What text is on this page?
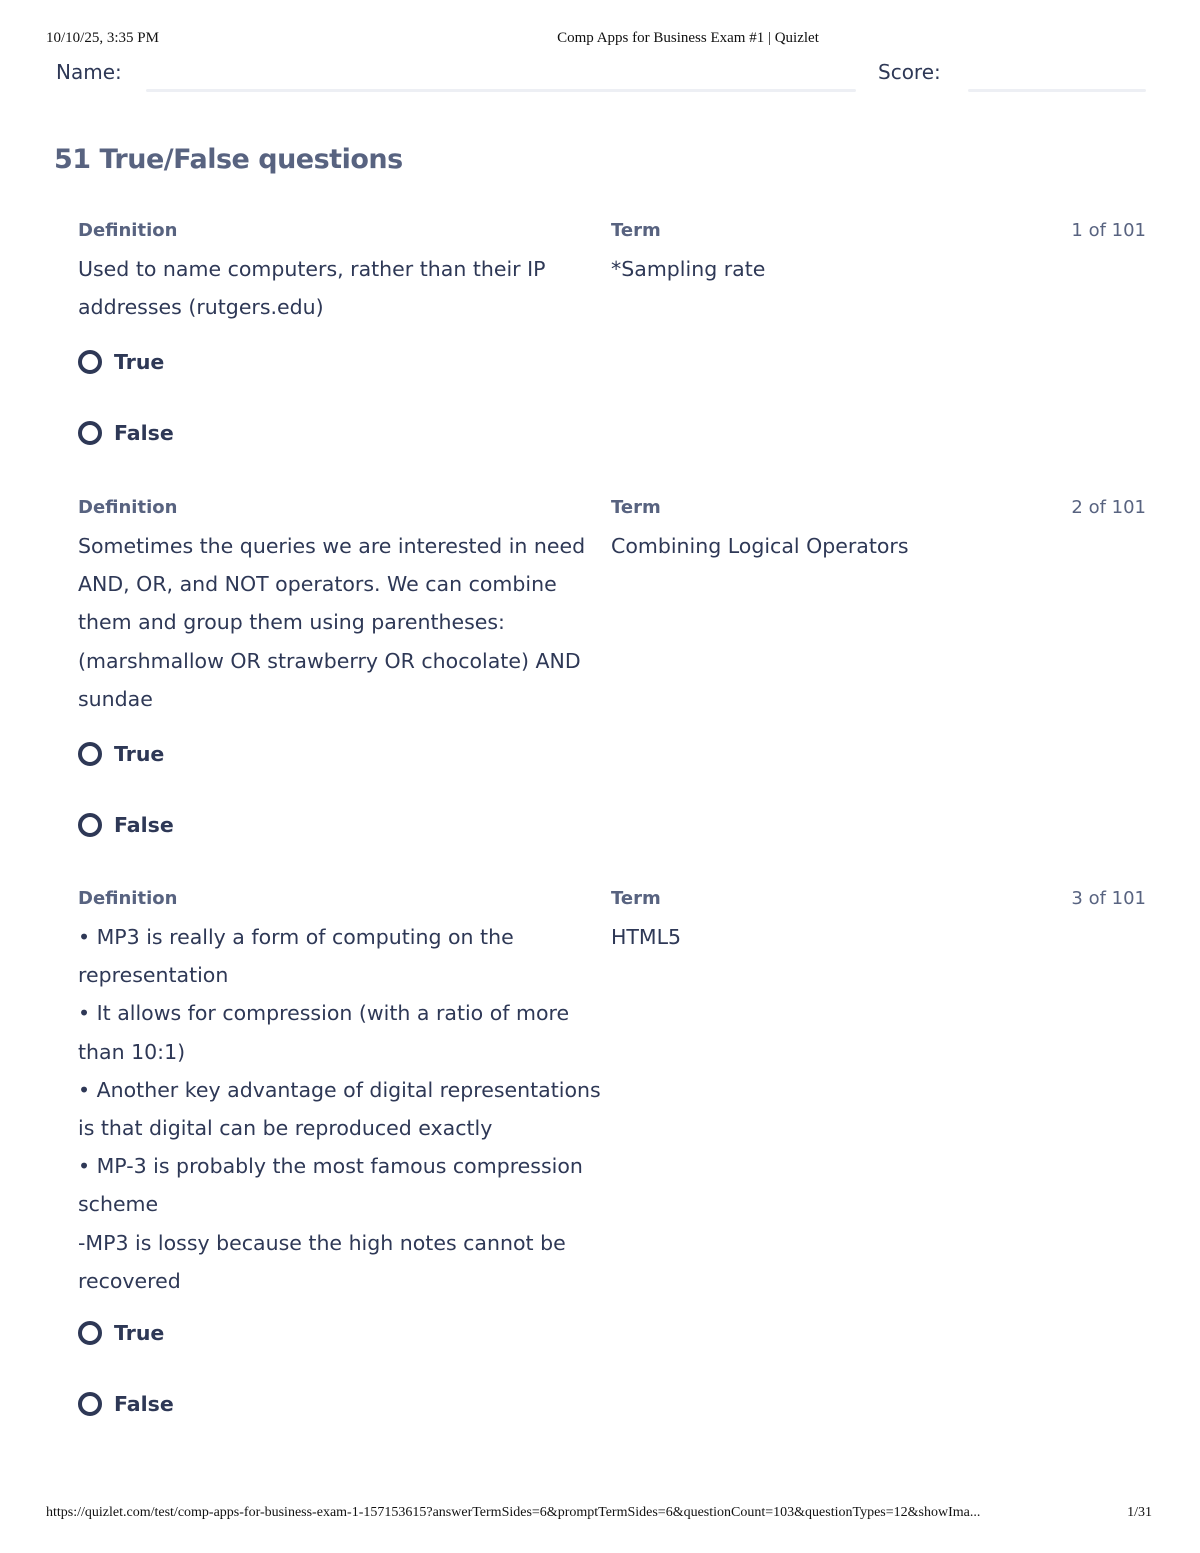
10/10/25, 3:35 PM	Comp Apps for Business Exam #1 | Quizlet
Name:	Score:
51 True/False questions
Definition	Term	1 of 101
Used to name computers, rather than their IP addresses (rutgers.edu)
*Sampling rate
True
False
Definition	Term	2 of 101
Sometimes the queries we are interested in need AND, OR, and NOT operators. We can combine them and group them using parentheses: (marshmallow OR strawberry OR chocolate) AND sundae
Combining Logical Operators
True
False
Definition	Term	3 of 101
• MP3 is really a form of computing on the representation
• It allows for compression (with a ratio of more than 10:1)
• Another key advantage of digital representations is that digital can be reproduced exactly
• MP-3 is probably the most famous compression scheme
-MP3 is lossy because the high notes cannot be recovered
HTML5
True
False
https://quizlet.com/test/comp-apps-for-business-exam-1-157153615?answerTermSides=6&promptTermSides=6&questionCount=103&questionTypes=12&showIma...	1/31
